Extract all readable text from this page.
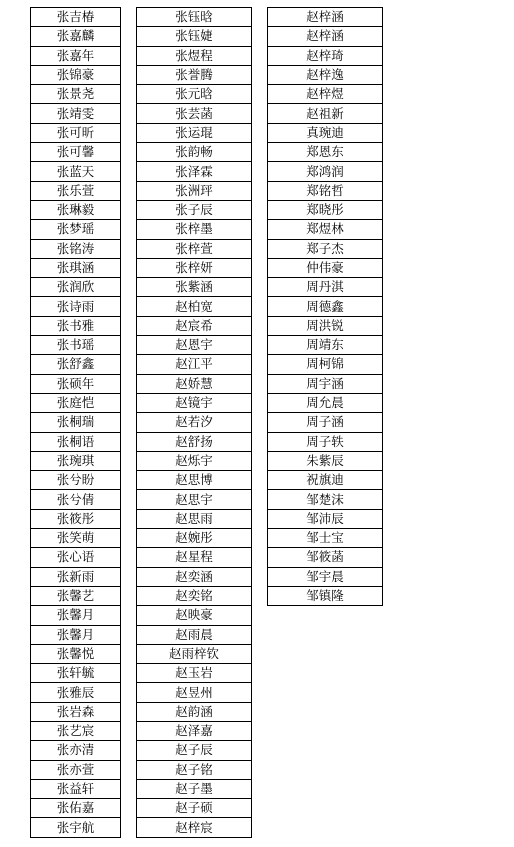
张吉椿
张嘉麟
张嘉年
张锦豪
张景尧
张靖雯
张可昕
张可馨
张蓝天
张乐萱
张琳毅
张梦瑶
张铭涛
张琪涵
张润欣
张诗雨
张书雅
张书瑶
张舒鑫
张硕年
张庭恺
张桐瑞
张桐语
张琬琪
张兮盼
张兮倩
张筱彤
张笑萌
张心语
张新雨
张馨艺
张馨月
张馨月
张馨悦
张轩毓
张雅辰
张岩森
张艺宸
张亦清
张亦萱
张益轩
张佑嘉
张宇航
张钰晗
张钰婕
张煜程
张誉腾
张元晗
张芸菡
张运琨
张韵畅
张泽霖
张洲玶
张子辰
张梓墨
张梓萱
张梓妍
张紫涵
赵柏宽
赵宸希
赵恩宇
赵江平
赵娇慧
赵镜宇
赵若汐
赵舒扬
赵烁宇
赵思博
赵思宇
赵思雨
赵婉彤
赵星程
赵奕涵
赵奕铭
赵映豪
赵雨晨
赵雨梓钦
赵玉岩
赵昱州
赵韵涵
赵泽嘉
赵子辰
赵子铭
赵子墨
赵子硕
赵梓宸
赵梓涵
赵梓涵
赵梓琦
赵梓逸
赵梓煜
赵祖新
真琬迪
郑恩东
郑鸿润
郑铭哲
郑晓彤
郑煜林
郑子杰
仲伟豪
周丹淇
周德鑫
周洪锐
周靖东
周柯锦
周宇涵
周允晨
周子涵
周子轶
朱紫辰
祝旗迪
邹楚沫
邹沛辰
邹士宝
邹筱菡
邹宇晨
邹镇隆
